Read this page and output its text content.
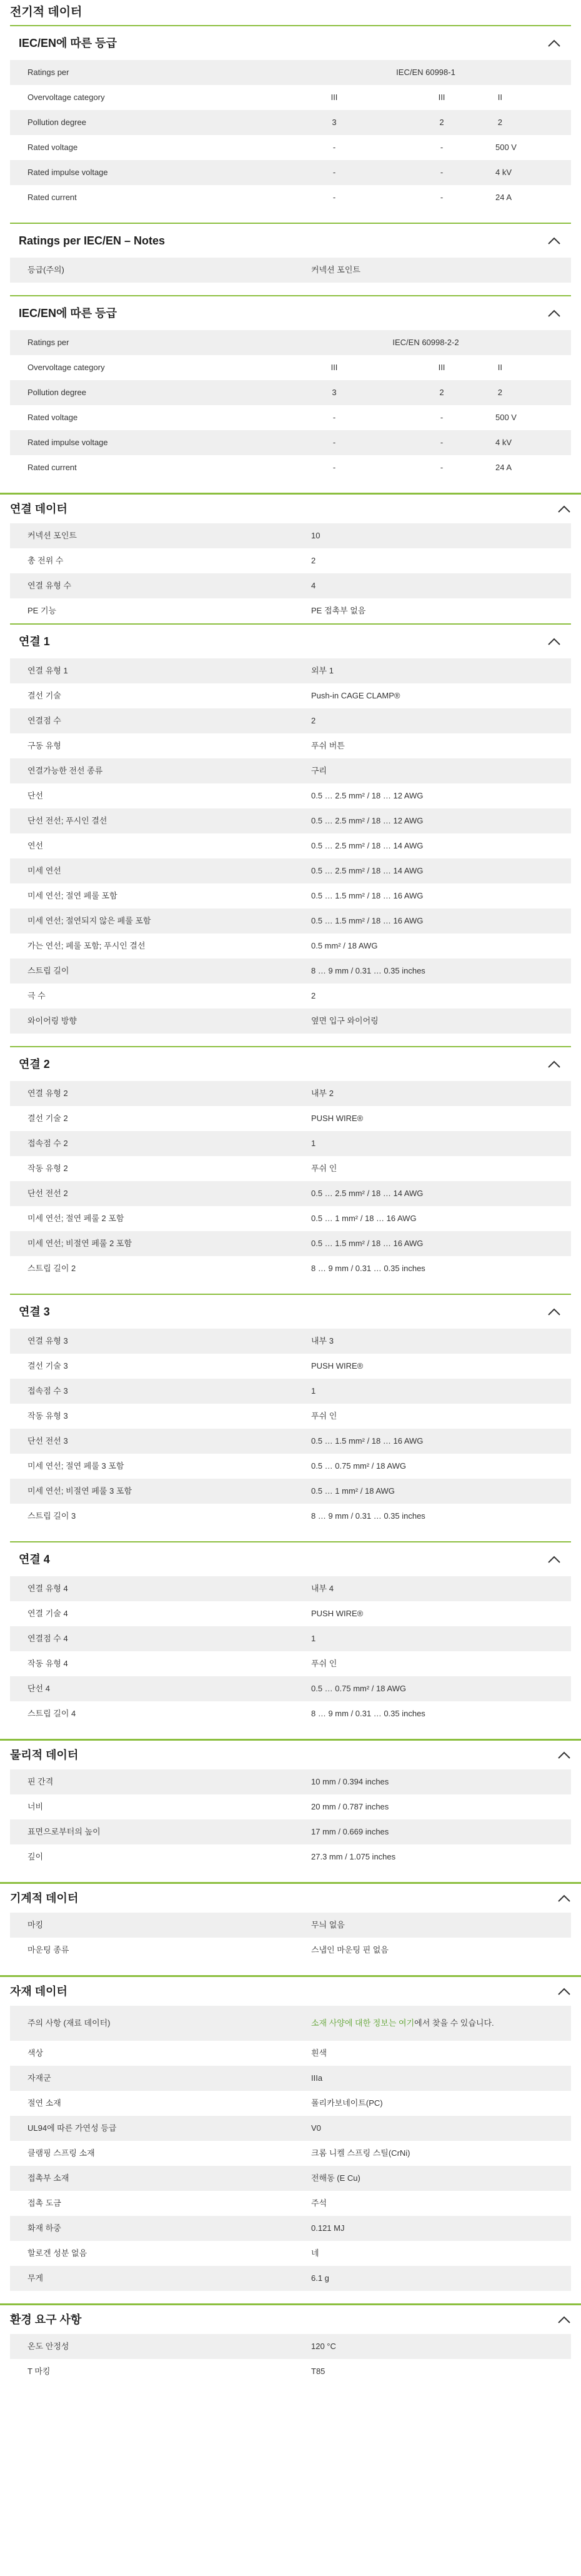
전기적 데이터
IEC/EN에 따른 등급
Ratings per	IEC/EN 60998-1
Overvoltage category	III	III	II
Pollution degree	3	2	2
Rated voltage	-	-	500 V
Rated impulse voltage	-	-	4 kV
Rated current	-	-	24 A
Ratings per IEC/EN – Notes
등급(주의)	커넥션 포인트
IEC/EN에 따른 등급
Ratings per	IEC/EN 60998-2-2
Overvoltage category	III	III	II
Pollution degree	3	2	2
Rated voltage	-	-	500 V
Rated impulse voltage	-	-	4 kV
Rated current	-	-	24 A
연결 데이터
커넥션 포인트	10
총 전위 수	2
연결 유형 수	4
PE 기능	PE 접촉부 없음
연결 1
연결 유형 1	외부 1
결선 기술	Push-in CAGE CLAMP®
연결점 수	2
구동 유형	푸쉬 버튼
연결가능한 전선 종류	구리
단선	0.5 … 2.5 mm² / 18 … 12 AWG
단선 전선; 푸시인 결선	0.5 … 2.5 mm² / 18 … 12 AWG
연선	0.5 … 2.5 mm² / 18 … 14 AWG
미세 연선	0.5 … 2.5 mm² / 18 … 14 AWG
미세 연선; 절연 페룰 포함	0.5 … 1.5 mm² / 18 … 16 AWG
미세 연선; 절연되지 않은 페룰 포함	0.5 … 1.5 mm² / 18 … 16 AWG
가는 연선; 페룰 포함; 푸시인 결선	0.5 mm² / 18 AWG
스트립 길이	8 … 9 mm / 0.31 … 0.35 inches
극 수	2
와이어링 방향	옆면 입구 와이어링
연결 2
연결 유형 2	내부 2
결선 기술 2	PUSH WIRE®
접속점 수 2	1
작동 유형 2	푸쉬 인
단선 전선 2	0.5 … 2.5 mm² / 18 … 14 AWG
미세 연선; 절연 페룰 2 포함	0.5 … 1 mm² / 18 … 16 AWG
미세 연선; 비절연 페룰 2 포함	0.5 … 1.5 mm² / 18 … 16 AWG
스트립 길이 2	8 … 9 mm / 0.31 … 0.35 inches
연결 3
연결 유형 3	내부 3
결선 기술 3	PUSH WIRE®
접속점 수 3	1
작동 유형 3	푸쉬 인
단선 전선 3	0.5 … 1.5 mm² / 18 … 16 AWG
미세 연선; 절연 페룰 3 포함	0.5 … 0.75 mm² / 18 AWG
미세 연선; 비절연 페룰 3 포함	0.5 … 1 mm² / 18 AWG
스트립 길이 3	8 … 9 mm / 0.31 … 0.35 inches
연결 4
연결 유형 4	내부 4
연결 기술 4	PUSH WIRE®
연결점 수 4	1
작동 유형 4	푸쉬 인
단선 4	0.5 … 0.75 mm² / 18 AWG
스트립 길이 4	8 … 9 mm / 0.31 … 0.35 inches
물리적 데이터
핀 간격	10 mm / 0.394 inches
너비	20 mm / 0.787 inches
표면으로부터의 높이	17 mm / 0.669 inches
깊이	27.3 mm / 1.075 inches
기계적 데이터
마킹	무늬 없음
마운팅 종류	스냅인 마운팅 핀 없음
자재 데이터
주의 사항 (재료 데이터)	소재 사양에 대한 정보는 여기에서 찾을 수 있습니다.
색상	흰색
자재군	IIIa
절연 소재	폴리카보네이트(PC)
UL94에 따른 가연성 등급	V0
클램핑 스프링 소재	크롬 니켈 스프링 스틸(CrNi)
접촉부 소재	전해동 (E Cu)
접촉 도금	주석
화재 하중	0.121 MJ
할로겐 성분 없음	네
무게	6.1 g
환경 요구 사항
온도 안정성	120 °C
T 마킹	T85
